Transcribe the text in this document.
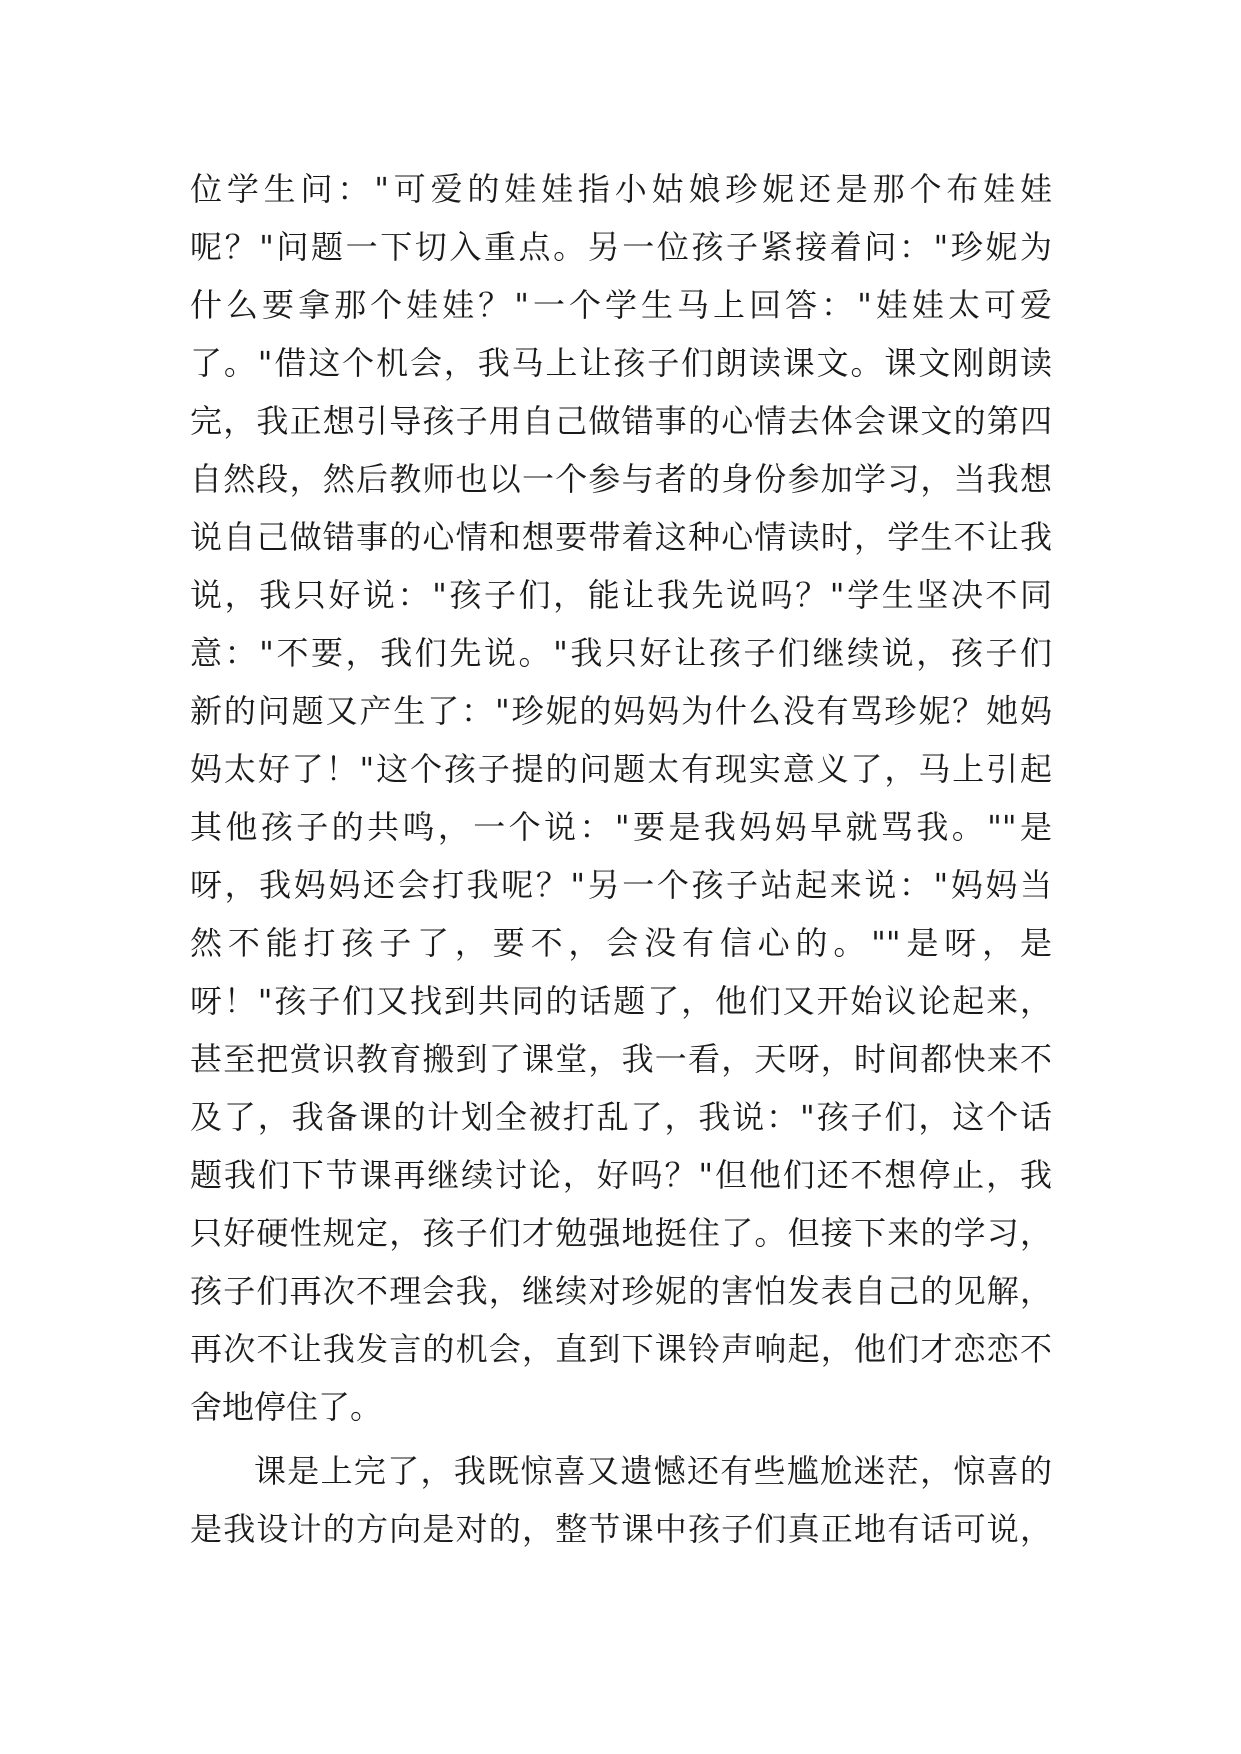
位学生问："可爱的娃娃指小姑娘珍妮还是那个布娃娃
呢？"问题一下切入重点。另一位孩子紧接着问："珍妮为
什么要拿那个娃娃？"一个学生马上回答："娃娃太可爱
了。"借这个机会，我马上让孩子们朗读课文。课文刚朗读
完，我正想引导孩子用自己做错事的心情去体会课文的第四
自然段，然后教师也以一个参与者的身份参加学习，当我想
说自己做错事的心情和想要带着这种心情读时，学生不让我
说，我只好说："孩子们，能让我先说吗？"学生坚决不同
意："不要，我们先说。"我只好让孩子们继续说，孩子们
新的问题又产生了："珍妮的妈妈为什么没有骂珍妮？她妈
妈太好了！"这个孩子提的问题太有现实意义了，马上引起
其他孩子的共鸣，一个说："要是我妈妈早就骂我。""是
呀，我妈妈还会打我呢？"另一个孩子站起来说："妈妈当
然不能打孩子了，要不，会没有信心的。""是呀，是
呀！"孩子们又找到共同的话题了，他们又开始议论起来，
甚至把赏识教育搬到了课堂，我一看，天呀，时间都快来不
及了，我备课的计划全被打乱了，我说："孩子们，这个话
题我们下节课再继续讨论，好吗？"但他们还不想停止，我
只好硬性规定，孩子们才勉强地挺住了。但接下来的学习，
孩子们再次不理会我，继续对珍妮的害怕发表自己的见解，
再次不让我发言的机会，直到下课铃声响起，他们才恋恋不
舍地停住了。
课是上完了，我既惊喜又遗憾还有些尴尬迷茫，惊喜的
是我设计的方向是对的，整节课中孩子们真正地有话可说，
